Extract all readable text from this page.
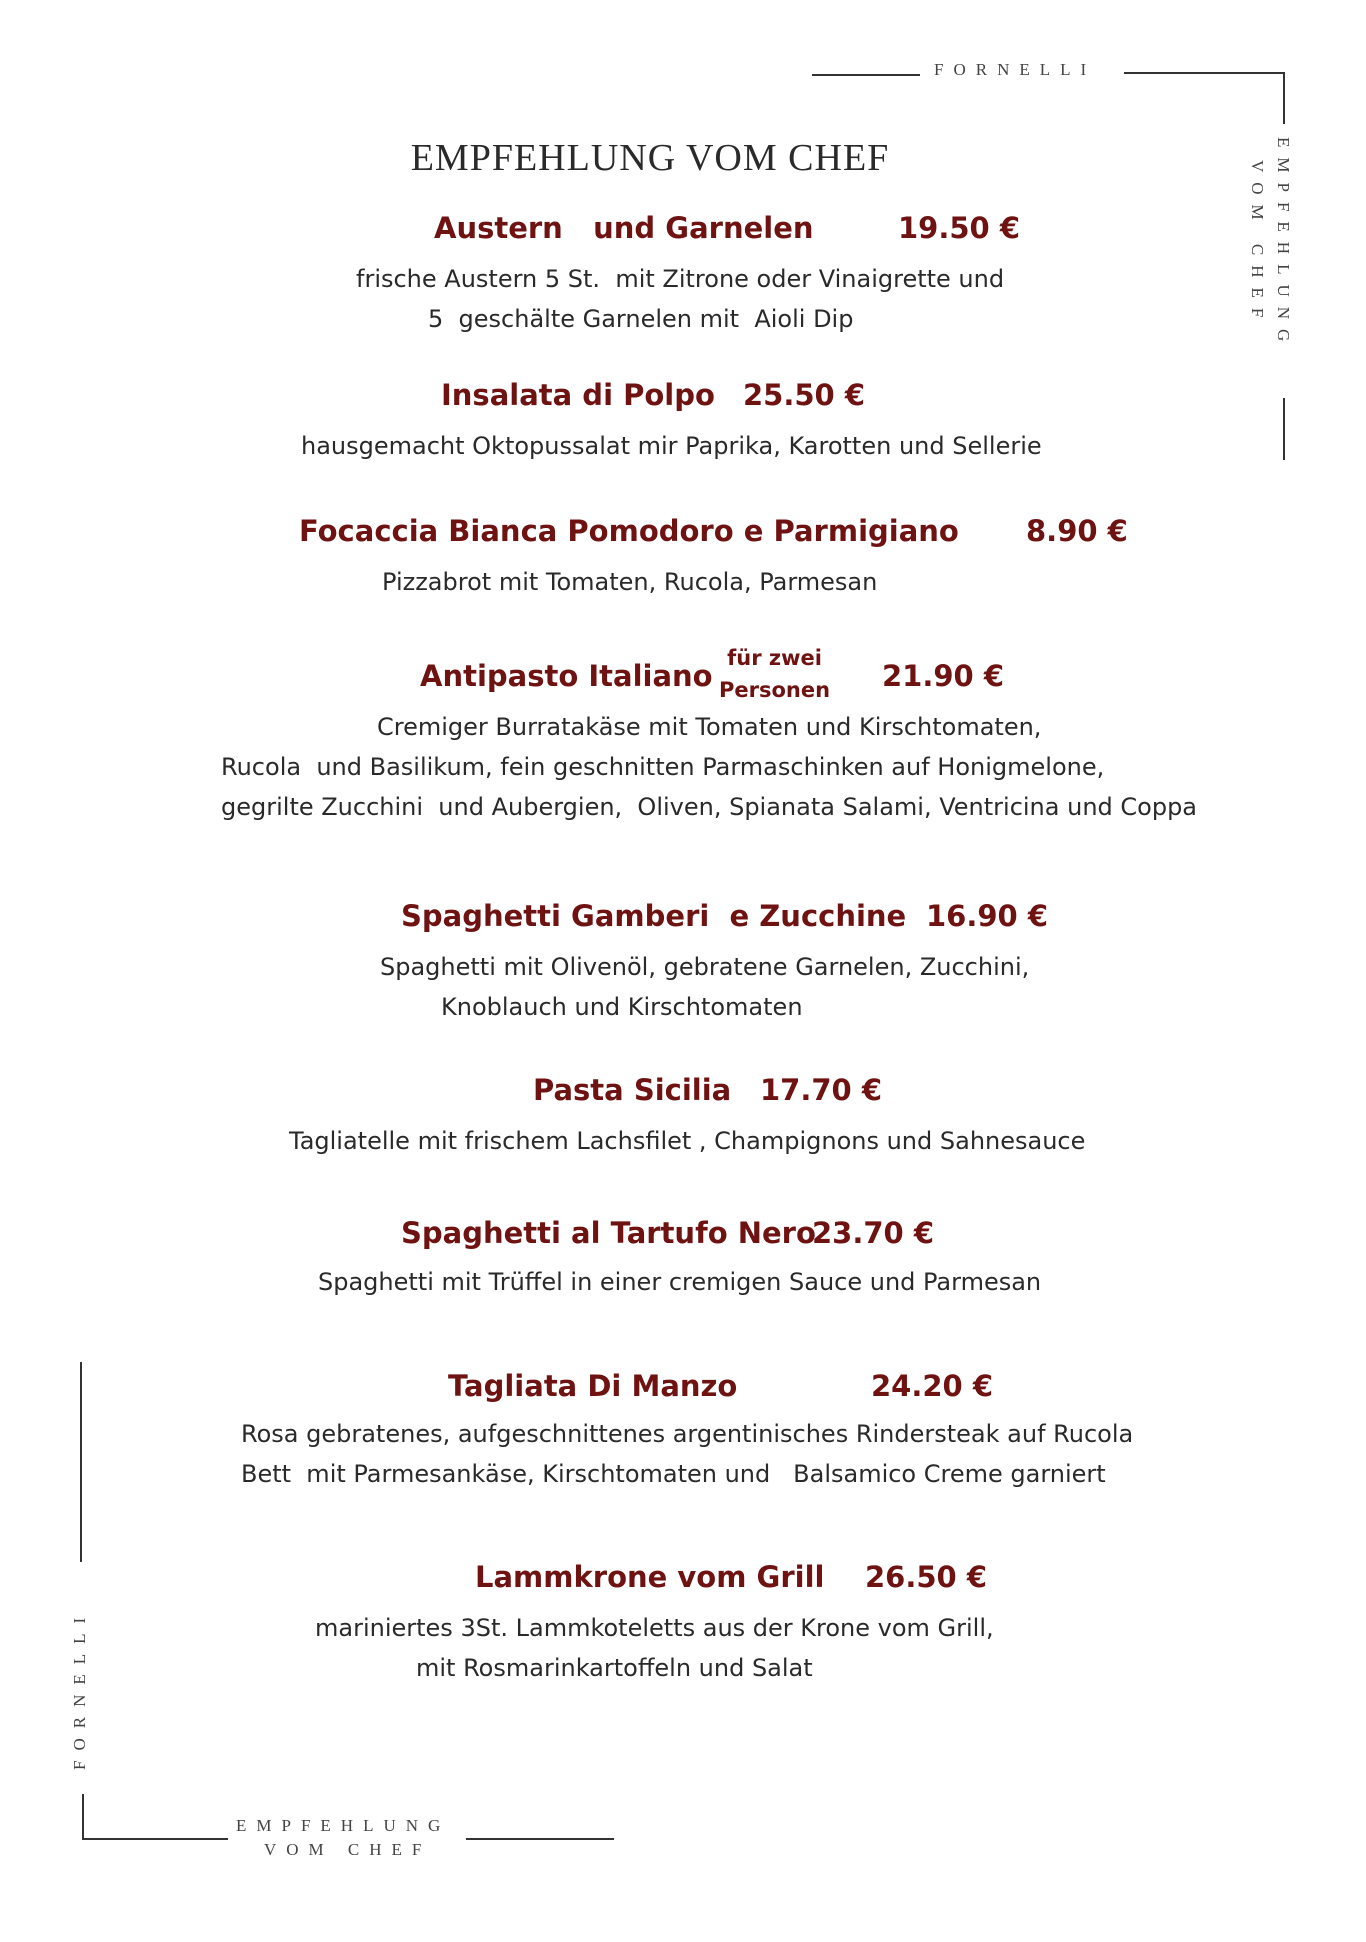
FORNELLI
EMPFEHLUNG
VOM CHEF
FORNELLI
EMPFEHLUNG
VOM CHEF
EMPFEHLUNG VOM CHEF
Austern   und Garnelen	19.50 €
frische Austern 5 St.  mit Zitrone oder Vinaigrette und
5  geschälte Garnelen mit  Aioli Dip
Insalata di Polpo 25.50 €
hausgemacht Oktopussalat mir Paprika, Karotten und Sellerie
Focaccia Bianca Pomodoro e Parmigiano 8.90 €
Pizzabrot mit Tomaten, Rucola, Parmesan
Antipasto Italiano
für zwei
Personen 21.90 €
Cremiger Burratakäse mit Tomaten und Kirschtomaten,
Rucola  und Basilikum, fein geschnitten Parmaschinken auf Honigmelone,
gegrilte Zucchini  und Aubergien,  Oliven, Spianata Salami, Ventricina und Coppa
Spaghetti Gamberi  e Zucchine 16.90 €
Spaghetti mit Olivenöl, gebratene Garnelen, Zucchini,
Knoblauch und Kirschtomaten
Pasta Sicilia 17.70 €
Tagliatelle mit frischem Lachsfilet , Champignons und Sahnesauce
Spaghetti al Tartufo Nero
23.70 €
Spaghetti mit Trüffel in einer cremigen Sauce und Parmesan
Tagliata Di Manzo	24.20 €
Rosa gebratenes, aufgeschnittenes argentinisches Rindersteak auf Rucola
Bett  mit Parmesankäse, Kirschtomaten und   Balsamico Creme garniert
Lammkrone vom Grill 26.50 €
mariniertes 3St. Lammkoteletts aus der Krone vom Grill,
mit Rosmarinkartoffeln und Salat
